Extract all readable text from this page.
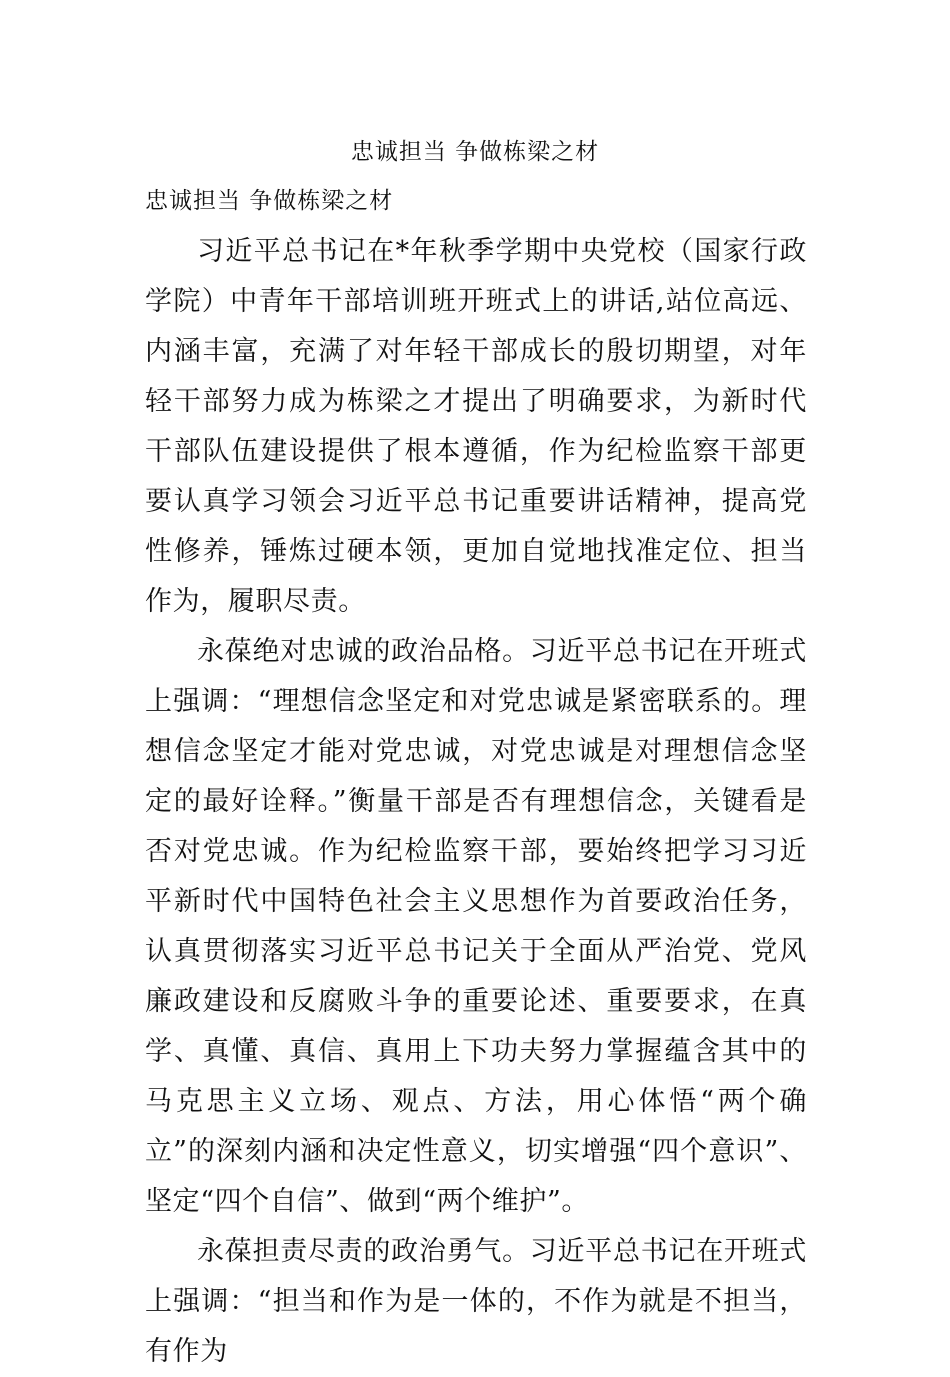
忠诚担当 争做栋梁之材
忠诚担当 争做栋梁之材

习近平总书记在*年秋季学期中央党校（国家行政学院）中青年干部培训班开班式上的讲话,站位高远、内涵丰富，充满了对年轻干部成长的殷切期望，对年轻干部努力成为栋梁之才提出了明确要求，为新时代干部队伍建设提供了根本遵循，作为纪检监察干部更要认真学习领会习近平总书记重要讲话精神，提高党性修养，锤炼过硬本领，更加自觉地找准定位、担当作为，履职尽责。

永葆绝对忠诚的政治品格。习近平总书记在开班式上强调：“理想信念坚定和对党忠诚是紧密联系的。理想信念坚定才能对党忠诚，对党忠诚是对理想信念坚定的最好诠释。”衡量干部是否有理想信念，关键看是否对党忠诚。作为纪检监察干部，要始终把学习习近平新时代中国特色社会主义思想作为首要政治任务，认真贯彻落实习近平总书记关于全面从严治党、党风廉政建设和反腐败斗争的重要论述、重要要求，在真学、真懂、真信、真用上下功夫努力掌握蕴含其中的马克思主义立场、观点、方法，用心体悟“两个确立”的深刻内涵和决定性意义，切实增强“四个意识”、坚定“四个自信”、做到“两个维护”。

永葆担责尽责的政治勇气。习近平总书记在开班式上强调：“担当和作为是一体的，不作为就是不担当，有作为
